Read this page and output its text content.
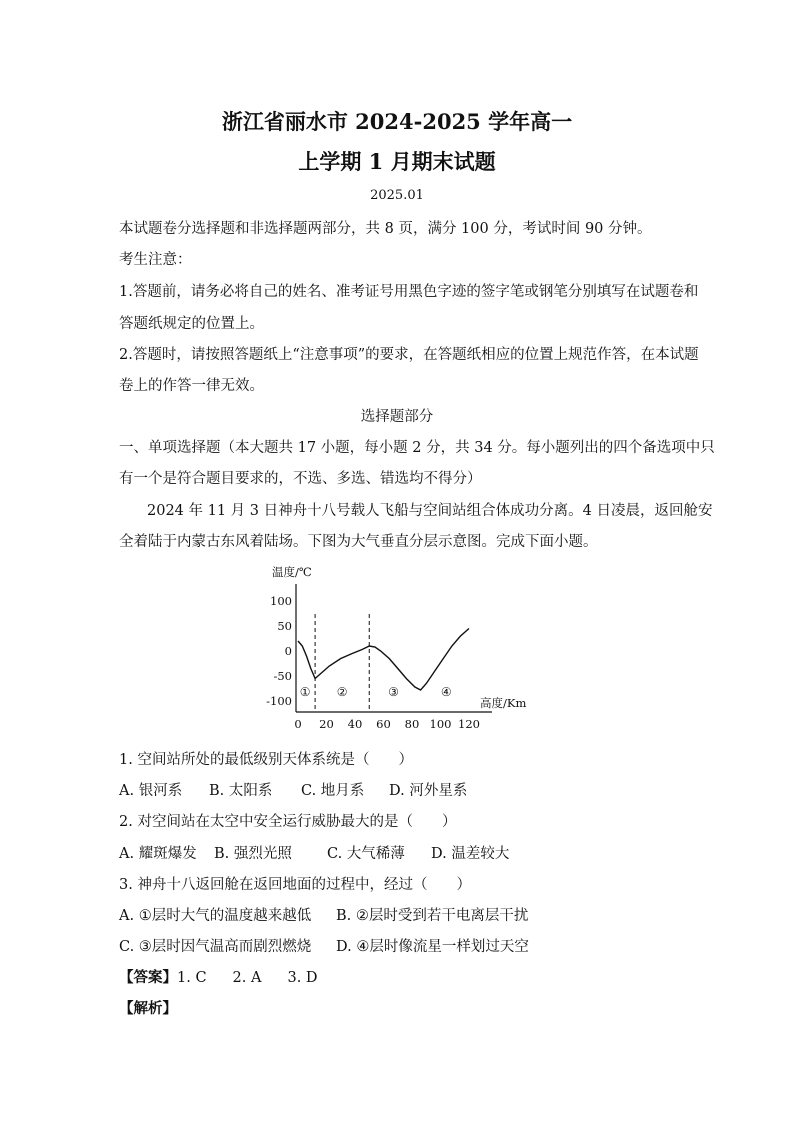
浙江省丽水市 2024-2025 学年高一
上学期 1 月期末试题
2025.01
本试题卷分选择题和非选择题两部分，共 8 页，满分 100 分，考试时间 90 分钟。
考生注意：
1.答题前，请务必将自己的姓名、准考证号用黑色字迹的签字笔或钢笔分别填写在试题卷和
答题纸规定的位置上。
2.答题时，请按照答题纸上“注意事项”的要求，在答题纸相应的位置上规范作答，在本试题
卷上的作答一律无效。
选择题部分
一、单项选择题（本大题共 17 小题，每小题 2 分，共 34 分。每小题列出的四个备选项中只
有一个是符合题目要求的，不选、多选、错选均不得分）
2024 年 11 月 3 日神舟十八号载人飞船与空间站组合体成功分离。4 日凌晨，返回舱安
全着陆于内蒙古东风着陆场。下图为大气垂直分层示意图。完成下面小题。
温度/℃
高度/Km
100
50
0
-50
-100
0 20 40 60 80 100 120
① ②	③	④
1. 空间站所处的最低级别天体系统是（　　）
A. 银河系 B. 太阳系 C. 地月系 D. 河外星系
2. 对空间站在太空中安全运行威胁最大的是（　　）
A. 耀斑爆发 B. 强烈光照 C. 大气稀薄 D. 温差较大
3. 神舟十八返回舱在返回地面的过程中，经过（　　）
A. ①层时大气的温度越来越低 B. ②层时受到若干电离层干扰
C. ③层时因气温高而剧烈燃烧 D. ④层时像流星一样划过天空
【答案】1. C 2. A 3. D
【解析】
